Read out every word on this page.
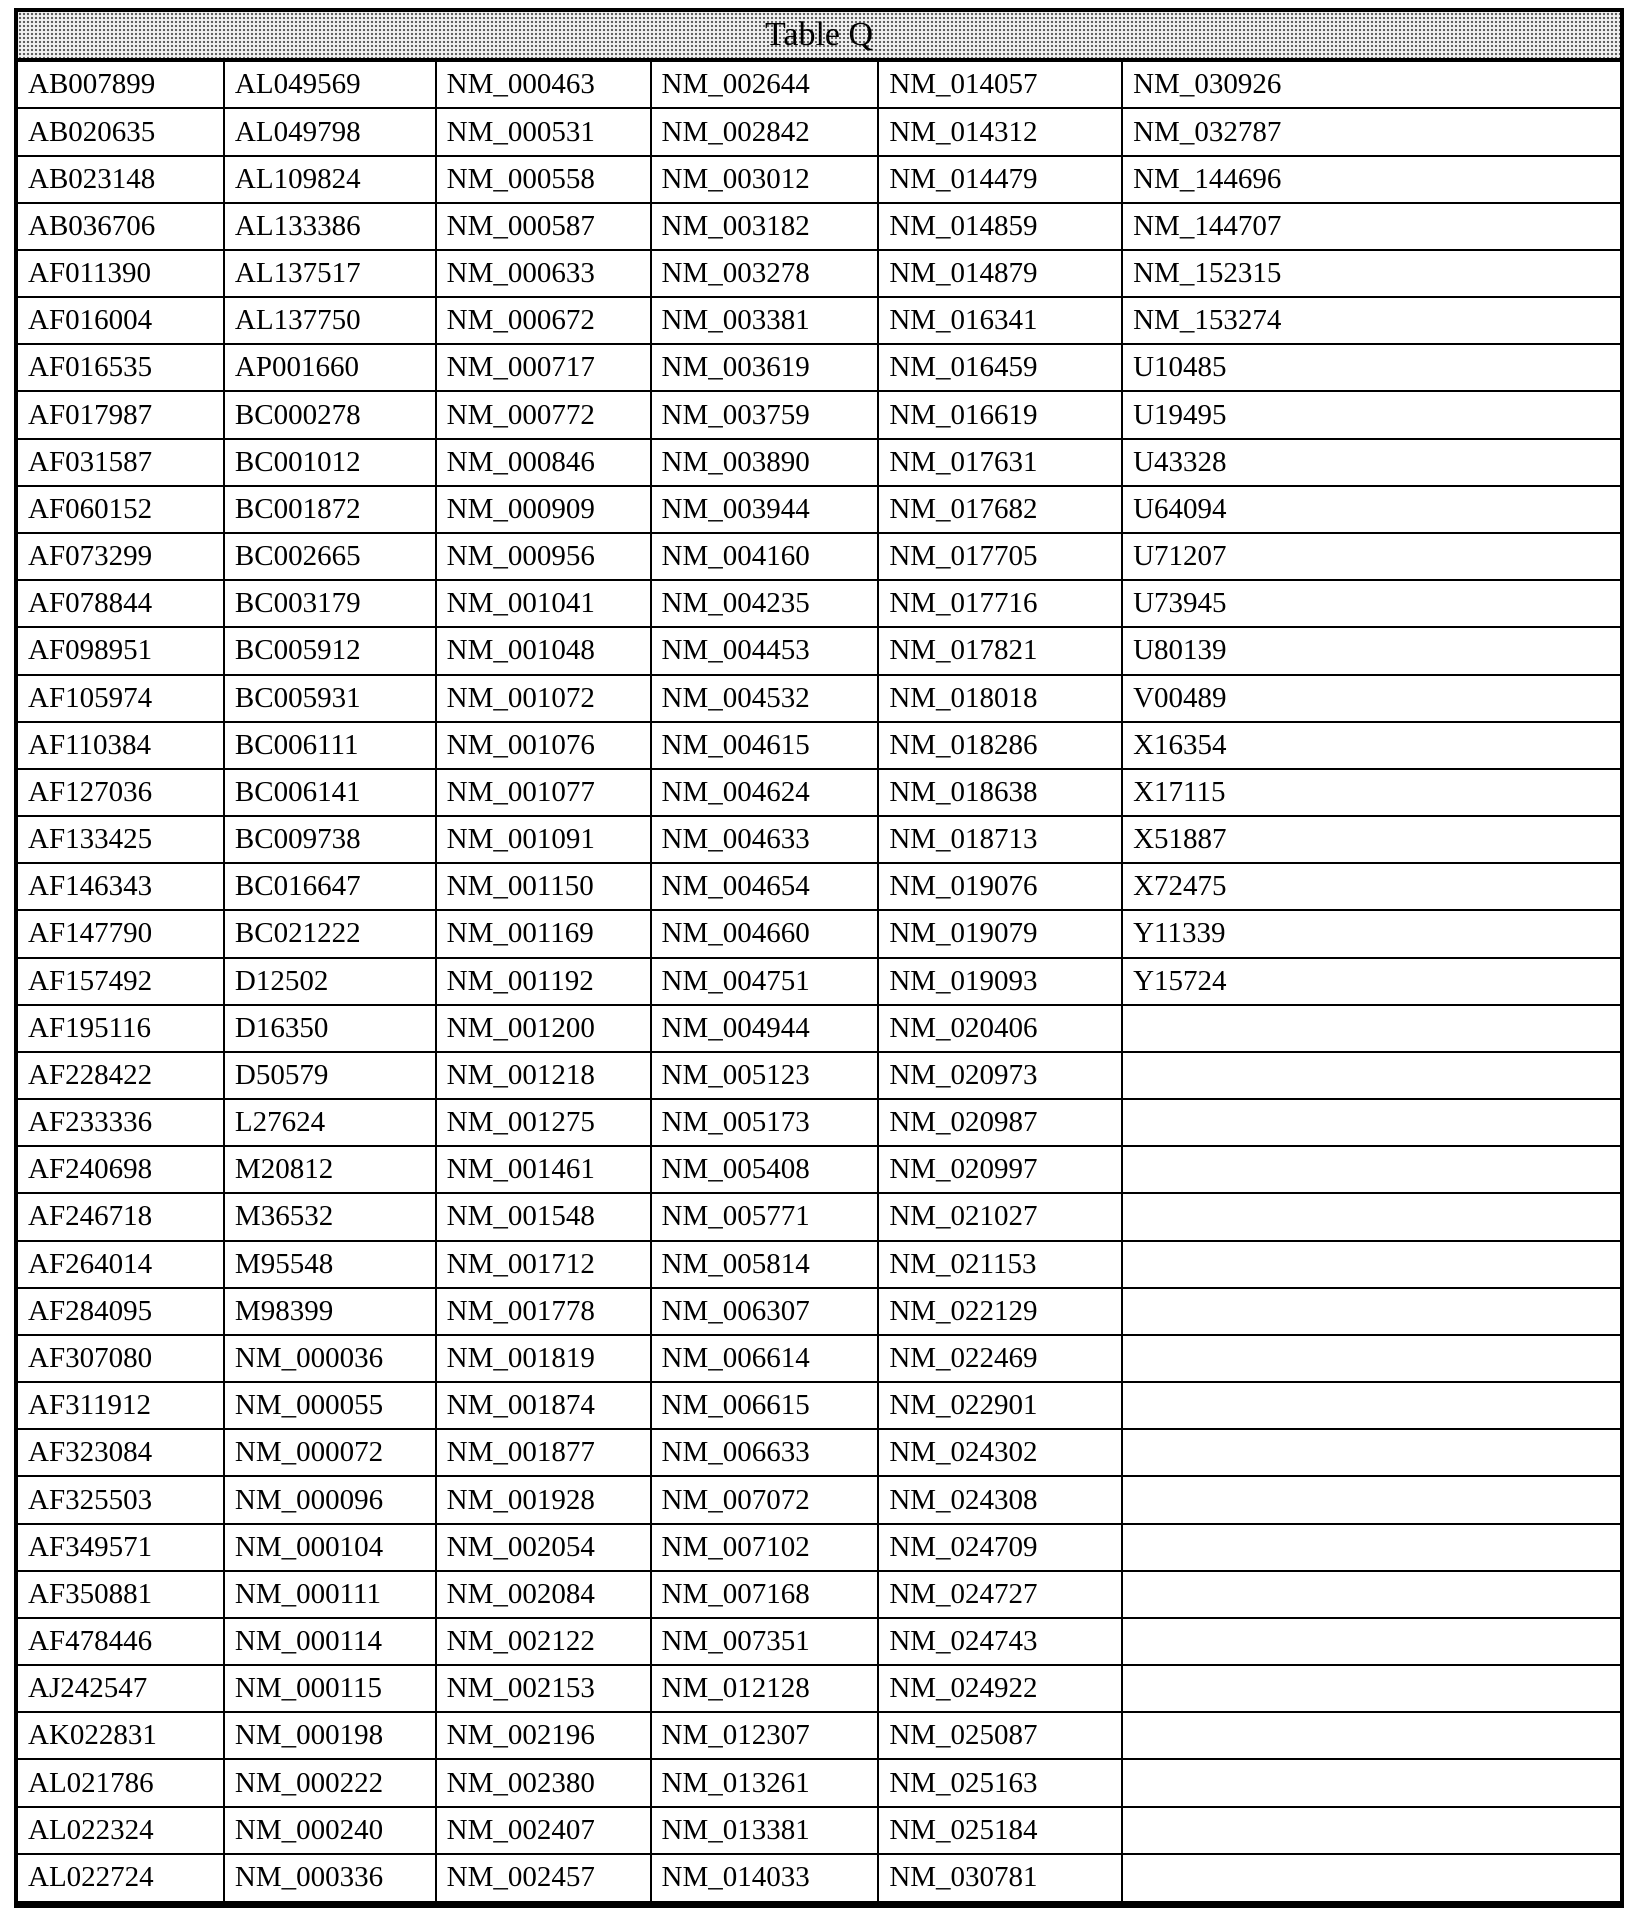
Table Q					
AB007899	AL049569	NM_000463	NM_002644	NM_014057	NM_030926
AB020635	AL049798	NM_000531	NM_002842	NM_014312	NM_032787
AB023148	AL109824	NM_000558	NM_003012	NM_014479	NM_144696
AB036706	AL133386	NM_000587	NM_003182	NM_014859	NM_144707
AF011390	AL137517	NM_000633	NM_003278	NM_014879	NM_152315
AF016004	AL137750	NM_000672	NM_003381	NM_016341	NM_153274
AF016535	AP001660	NM_000717	NM_003619	NM_016459	U10485
AF017987	BC000278	NM_000772	NM_003759	NM_016619	U19495
AF031587	BC001012	NM_000846	NM_003890	NM_017631	U43328
AF060152	BC001872	NM_000909	NM_003944	NM_017682	U64094
AF073299	BC002665	NM_000956	NM_004160	NM_017705	U71207
AF078844	BC003179	NM_001041	NM_004235	NM_017716	U73945
AF098951	BC005912	NM_001048	NM_004453	NM_017821	U80139
AF105974	BC005931	NM_001072	NM_004532	NM_018018	V00489
AF110384	BC006111	NM_001076	NM_004615	NM_018286	X16354
AF127036	BC006141	NM_001077	NM_004624	NM_018638	X17115
AF133425	BC009738	NM_001091	NM_004633	NM_018713	X51887
AF146343	BC016647	NM_001150	NM_004654	NM_019076	X72475
AF147790	BC021222	NM_001169	NM_004660	NM_019079	Y11339
AF157492	D12502	NM_001192	NM_004751	NM_019093	Y15724
AF195116	D16350	NM_001200	NM_004944	NM_020406	
AF228422	D50579	NM_001218	NM_005123	NM_020973	
AF233336	L27624	NM_001275	NM_005173	NM_020987	
AF240698	M20812	NM_001461	NM_005408	NM_020997	
AF246718	M36532	NM_001548	NM_005771	NM_021027	
AF264014	M95548	NM_001712	NM_005814	NM_021153	
AF284095	M98399	NM_001778	NM_006307	NM_022129	
AF307080	NM_000036	NM_001819	NM_006614	NM_022469	
AF311912	NM_000055	NM_001874	NM_006615	NM_022901	
AF323084	NM_000072	NM_001877	NM_006633	NM_024302	
AF325503	NM_000096	NM_001928	NM_007072	NM_024308	
AF349571	NM_000104	NM_002054	NM_007102	NM_024709	
AF350881	NM_000111	NM_002084	NM_007168	NM_024727	
AF478446	NM_000114	NM_002122	NM_007351	NM_024743	
AJ242547	NM_000115	NM_002153	NM_012128	NM_024922	
AK022831	NM_000198	NM_002196	NM_012307	NM_025087	
AL021786	NM_000222	NM_002380	NM_013261	NM_025163	
AL022324	NM_000240	NM_002407	NM_013381	NM_025184	
AL022724	NM_000336	NM_002457	NM_014033	NM_030781	
